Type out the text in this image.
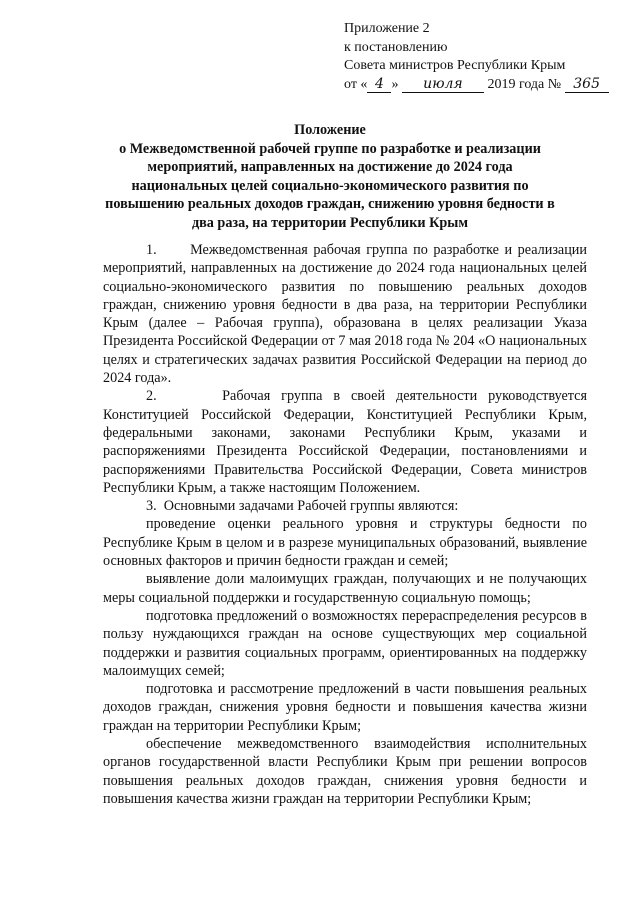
Приложение 2
к постановлению
Совета министров Республики Крым
от « 4 » июля 2019 года № 365
Положение
о Межведомственной рабочей группе по разработке и реализации
мероприятий, направленных на достижение до 2024 года
национальных целей социально-экономического развития по
повышению реальных доходов граждан, снижению уровня бедности в
два раза, на территории Республики Крым

1.      Межведомственная рабочая группа по разработке и реализации мероприятий, направленных на достижение до 2024 года национальных целей социально-экономического развития по повышению реальных доходов граждан, снижению уровня бедности в два раза, на территории Республики Крым (далее – Рабочая группа), образована в целях реализации Указа Президента Российской Федерации от 7 мая 2018 года № 204 «О национальных целях и стратегических задачах развития Российской Федерации на период до 2024 года».

2.      Рабочая группа в своей деятельности руководствуется Конституцией Российской Федерации, Конституцией Республики Крым, федеральными законами, законами Республики Крым, указами и распоряжениями Президента Российской Федерации, постановлениями и распоряжениями Правительства Российской Федерации, Совета министров Республики Крым, а также настоящим Положением.

3.  Основными задачами Рабочей группы являются:

проведение оценки реального уровня и структуры бедности по Республике Крым в целом и в разрезе муниципальных образований, выявление основных факторов и причин бедности граждан и семей;

выявление доли малоимущих граждан, получающих и не получающих меры социальной поддержки и государственную социальную помощь;

подготовка предложений о возможностях перераспределения ресурсов в пользу нуждающихся граждан на основе существующих мер социальной поддержки и развития социальных программ, ориентированных на поддержку малоимущих семей;

подготовка и рассмотрение предложений в части повышения реальных доходов граждан, снижения уровня бедности и повышения качества жизни граждан на территории Республики Крым;

обеспечение межведомственного взаимодействия исполнительных органов государственной власти Республики Крым при решении вопросов повышения реальных доходов граждан, снижения уровня бедности и повышения качества жизни граждан на территории Республики Крым;
